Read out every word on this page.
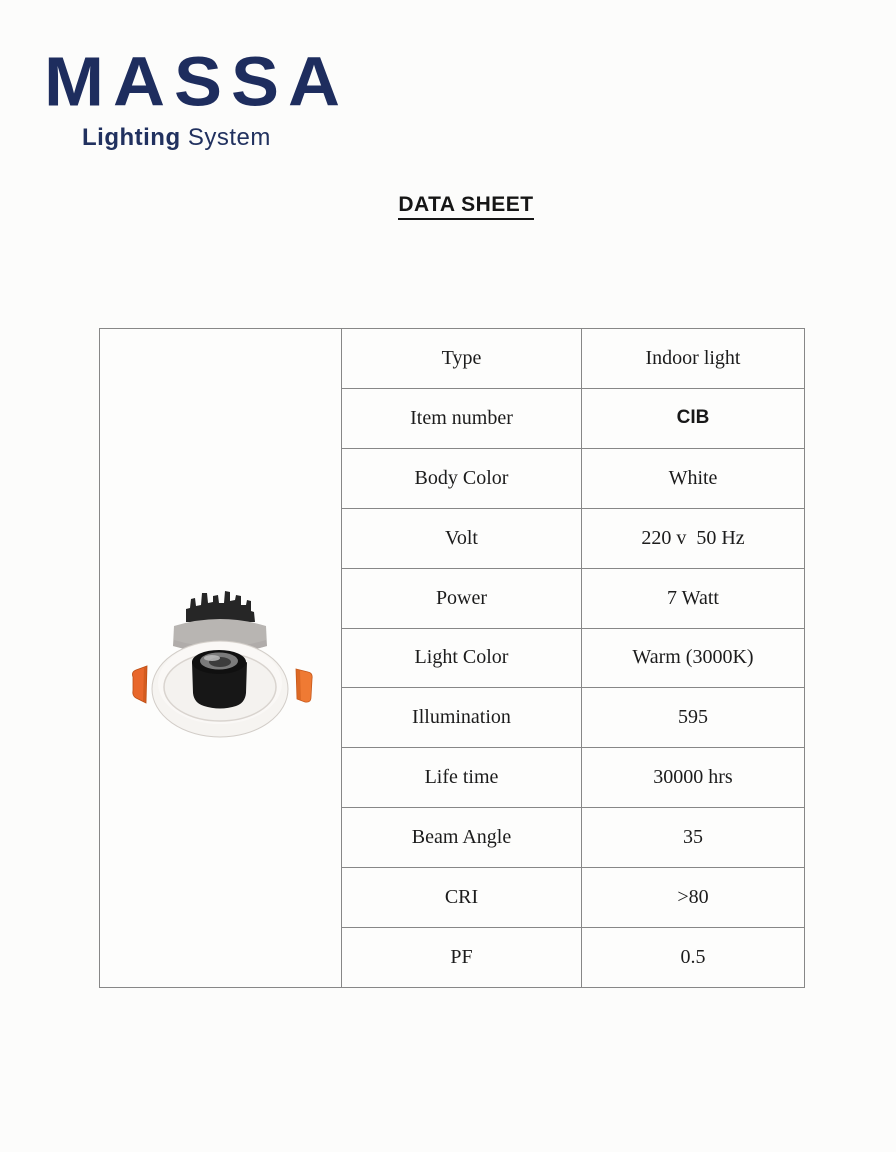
MASSA
Lighting System
DATA SHEET
Type	Indoor light
Item number	CIB
Body Color	White
Volt	220 v  50 Hz
Power	7 Watt
Light Color	Warm (3000K)
Illumination	595
Life time	30000 hrs
Beam Angle	35
CRI	>80
PF	0.5
